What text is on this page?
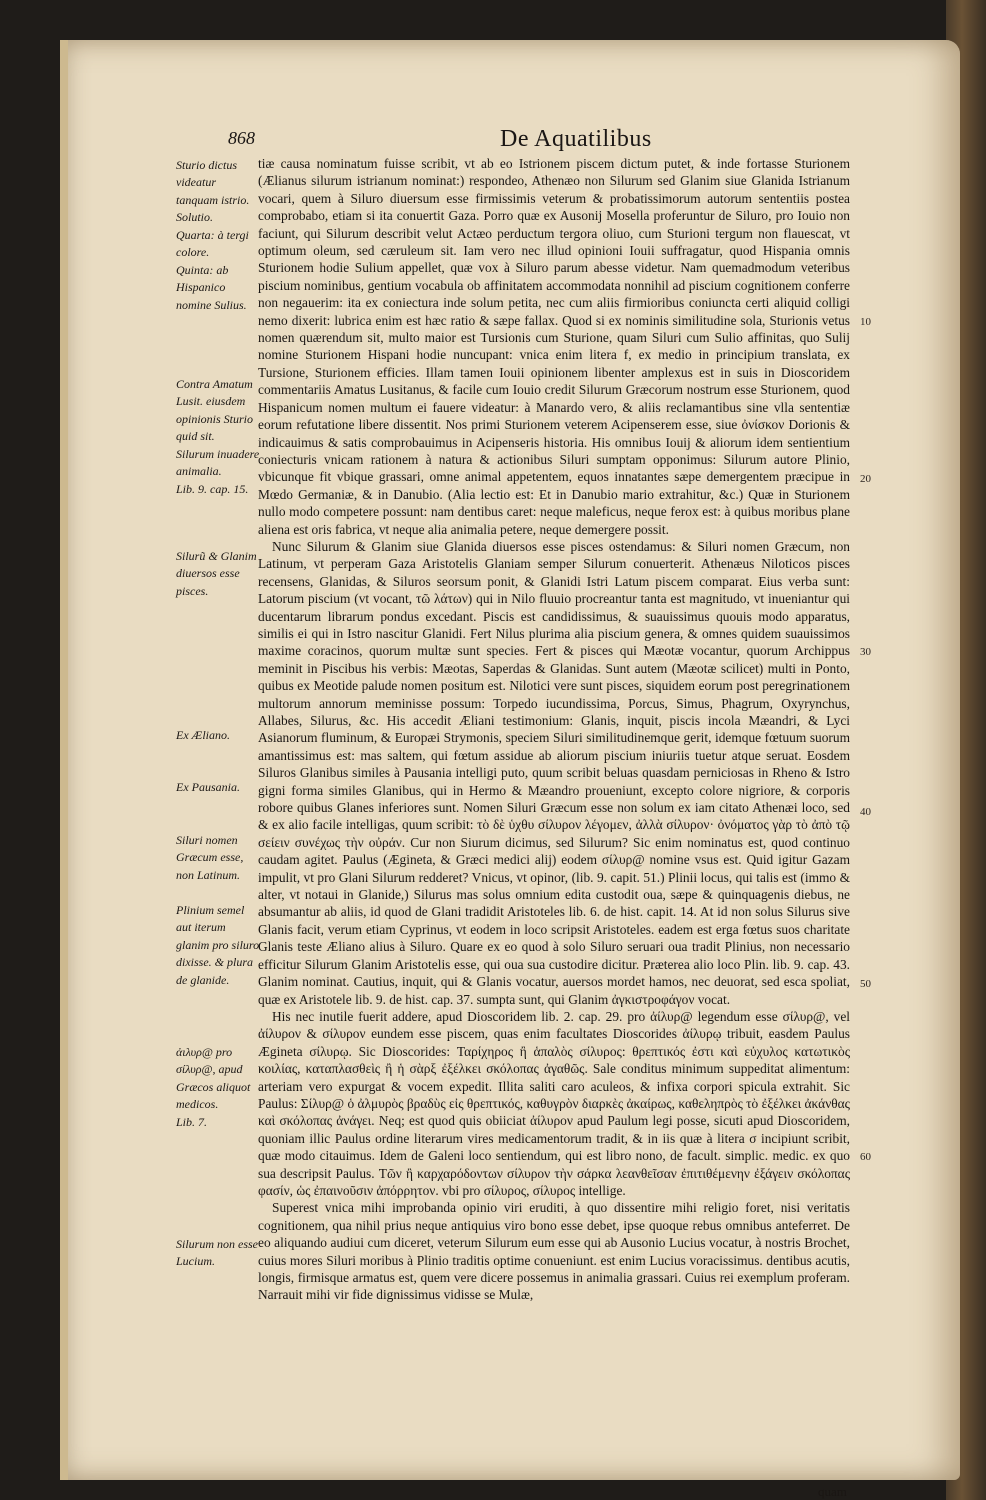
868	De Aquatilibus
Sturio dictus videatur tanquam istrio.
Solutio.
Quarta: à tergi colore.
Quinta: ab Hispanico nomine Sulius.
Contra Amatum Lusit. eiusdem opinionis Sturio quid sit.
Silurum inuadere animalia.
Lib. 9. cap. 15.
Silurũ & Glanim diuersos esse pisces.
Ex Æliano.
Ex Pausania.
Siluri nomen Græcum esse, non Latinum.
Plinium semel aut iterum glanim pro siluro dixisse. & plura de glanide.
ἀιλυρ@ pro σίλυρ@, apud Græcos aliquot medicos.
Lib. 7.
Silurum non esse Lucium.
10
20
30
40
50
60

tiæ causa nominatum fuisse scribit, vt ab eo Istrionem piscem dictum putet, & inde fortasse Sturionem (Ælianus silurum istrianum nominat:) respondeo, Athenæo non Silurum sed Glanim siue Glanida Istrianum vocari, quem à Siluro diuersum esse firmissimis veterum & probatissimorum autorum sententiis postea comprobabo, etiam si ita conuertit Gaza. Porro quæ ex Ausonij Mosella proferuntur de Siluro, pro Iouio non faciunt, qui Silurum describit velut Actæo perductum tergora oliuo, cum Sturioni tergum non flauescat, vt optimum oleum, sed cæruleum sit. Iam vero nec illud opinioni Iouii suffragatur, quod Hispania omnis Sturionem hodie Sulium appellet, quæ vox à Siluro parum abesse videtur. Nam quemadmodum veteribus piscium nominibus, gentium vocabula ob affinitatem accommodata nonnihil ad piscium cognitionem conferre non negauerim: ita ex coniectura inde solum petita, nec cum aliis firmioribus coniuncta certi aliquid colligi nemo dixerit: lubrica enim est hæc ratio & sæpe fallax. Quod si ex nominis similitudine sola, Sturionis vetus nomen quærendum sit, multo maior est Tursionis cum Sturione, quam Siluri cum Sulio affinitas, quo Sulij nomine Sturionem Hispani hodie nuncupant: vnica enim litera f, ex medio in principium translata, ex Tursione, Sturionem efficies. Illam tamen Iouii opinionem libenter amplexus est in suis in Dioscoridem commentariis Amatus Lusitanus, & facile cum Iouio credit Silurum Græcorum nostrum esse Sturionem, quod Hispanicum nomen multum ei fauere videatur: à Manardo vero, & aliis reclamantibus sine vlla sententiæ eorum refutatione libere dissentit. Nos primi Sturionem veterem Acipenserem esse, siue ὀνίσκον Dorionis & indicauimus & satis comprobauimus in Acipenseris historia. His omnibus Iouij & aliorum idem sentientium coniecturis vnicam rationem à natura & actionibus Siluri sumptam opponimus: Silurum autore Plinio, vbicunque fit vbique grassari, omne animal appetentem, equos innatantes sæpe demergentem præcipue in Mœdo Germaniæ, & in Danubio. (Alia lectio est: Et in Danubio mario extrahitur, &c.) Quæ in Sturionem nullo modo competere possunt: nam dentibus caret: neque maleficus, neque ferox est: à quibus moribus plane aliena est oris fabrica, vt neque alia animalia petere, neque demergere possit.

Nunc Silurum & Glanim siue Glanida diuersos esse pisces ostendamus: & Siluri nomen Græcum, non Latinum, vt perperam Gaza Aristotelis Glaniam semper Silurum conuerterit. Athenæus Niloticos pisces recensens, Glanidas, & Siluros seorsum ponit, & Glanidi Istri Latum piscem comparat. Eius verba sunt: Latorum piscium (vt vocant, τῶ λάτων) qui in Nilo fluuio procreantur tanta est magnitudo, vt inueniantur qui ducentarum librarum pondus excedant. Piscis est candidissimus, & suauissimus quouis modo apparatus, similis ei qui in Istro nascitur Glanidi. Fert Nilus plurima alia piscium genera, & omnes quidem suauissimos maxime coracinos, quorum multæ sunt species. Fert & pisces qui Mæotæ vocantur, quorum Archippus meminit in Piscibus his verbis: Mæotas, Saperdas & Glanidas. Sunt autem (Mæotæ scilicet) multi in Ponto, quibus ex Meotide palude nomen positum est. Nilotici vere sunt pisces, siquidem eorum post peregrinationem multorum annorum meminisse possum: Torpedo iucundissima, Porcus, Simus, Phagrum, Oxyrynchus, Allabes, Silurus, &c. His accedit Æliani testimonium: Glanis, inquit, piscis incola Mæandri, & Lyci Asianorum fluminum, & Europæi Strymonis, speciem Siluri similitudinemque gerit, idemque fœtuum suorum amantissimus est: mas saltem, qui fœtum assidue ab aliorum piscium iniuriis tuetur atque seruat. Eosdem Siluros Glanibus similes à Pausania intelligi puto, quum scribit beluas quasdam perniciosas in Rheno & Istro gigni forma similes Glanibus, qui in Hermo & Mæandro proueniunt, excepto colore nigriore, & corporis robore quibus Glanes inferiores sunt. Nomen Siluri Græcum esse non solum ex iam citato Athenæi loco, sed & ex alio facile intelligas, quum scribit: τὸ δὲ ὑχθυ σίλυρον λέγομεν, ἀλλὰ σίλυρον· ὀνόματος γὰρ τὸ ἀπὸ τῷ σείειν συνέχως τὴν οὐράν. Cur non Siurum dicimus, sed Silurum? Sic enim nominatus est, quod continuo caudam agitet. Paulus (Ægineta, & Græci medici alij) eodem σίλυρ@ nomine vsus est. Quid igitur Gazam impulit, vt pro Glani Silurum redderet? Vnicus, vt opinor, (lib. 9. capit. 51.) Plinii locus, qui talis est (immo & alter, vt notaui in Glanide,) Silurus mas solus omnium edita custodit oua, sæpe & quinquagenis diebus, ne absumantur ab aliis, id quod de Glani tradidit Aristoteles lib. 6. de hist. capit. 14. At id non solus Silurus sive Glanis facit, verum etiam Cyprinus, vt eodem in loco scripsit Aristoteles. eadem est erga fœtus suos charitate Glanis teste Æliano alius à Siluro. Quare ex eo quod à solo Siluro seruari oua tradit Plinius, non necessario efficitur Silurum Glanim Aristotelis esse, qui oua sua custodire dicitur. Præterea alio loco Plin. lib. 9. cap. 43. Glanim nominat. Cautius, inquit, qui & Glanis vocatur, auersos mordet hamos, nec deuorat, sed esca spoliat, quæ ex Aristotele lib. 9. de hist. cap. 37. sumpta sunt, qui Glanim ἀγκιστροφάγον vocat.

His nec inutile fuerit addere, apud Dioscoridem lib. 2. cap. 29. pro ἀίλυρ@ legendum esse σίλυρ@, vel ἀίλυρον & σίλυρον eundem esse piscem, quas enim facultates Dioscorides ἀίλυρῳ tribuit, easdem Paulus Ægineta σίλυρῳ. Sic Dioscorides: Ταρίχηρος ἢ ἁπαλὸς σίλυρος: θρεπτικός ἐστι καὶ εὐχυλος κατωτικὸς κοιλίας, καταπλασθεὶς ἢ ἡ σὰρξ ἐξέλκει σκόλοπας ἀγαθῶς. Sale conditus minimum suppeditat alimentum: arteriam vero expurgat & vocem expedit. Illita saliti caro aculeos, & infixa corpori spicula extrahit. Sic Paulus: Σίλυρ@ ὁ ἀλμυρὸς βραδὺς εἰς θρεπτικός, καθυγρὸν διαρκὲς ἀκαίρως, καθεληπρὸς τὸ ἐξέλκει ἀκάνθας καὶ σκόλοπας ἀνάγει. Neq; est quod quis obiiciat ἀίλυρον apud Paulum legi posse, sicuti apud Dioscoridem, quoniam illic Paulus ordine literarum vires medicamentorum tradit, & in iis quæ à litera σ incipiunt scribit, quæ modo citauimus. Idem de Galeni loco sentiendum, qui est libro nono, de facult. simplic. medic. ex quo sua descripsit Paulus. Τῶν ἢ καρχαρόδοντων σίλυρον τὴν σάρκα λεανθεῖσαν ἐπιτιθέμενην ἐξάγειν σκόλοπας φασίν, ὡς ἐπαινοῦσιν ἀπόρρητον. vbi pro σίλυρος, σίλυρος intellige.

Superest vnica mihi improbanda opinio viri eruditi, à quo dissentire mihi religio foret, nisi veritatis cognitionem, qua nihil prius neque antiquius viro bono esse debet, ipse quoque rebus omnibus anteferret. De eo aliquando audiui cum diceret, veterum Silurum eum esse qui ab Ausonio Lucius vocatur, à nostris Brochet, cuius mores Siluri moribus à Plinio traditis optime conueniunt. est enim Lucius voracissimus. dentibus acutis, longis, firmisque armatus est, quem vere dicere possemus in animalia grassari. Cuius rei exemplum proferam. Narrauit mihi vir fide dignissimus vidisse se Mulæ,

quam
